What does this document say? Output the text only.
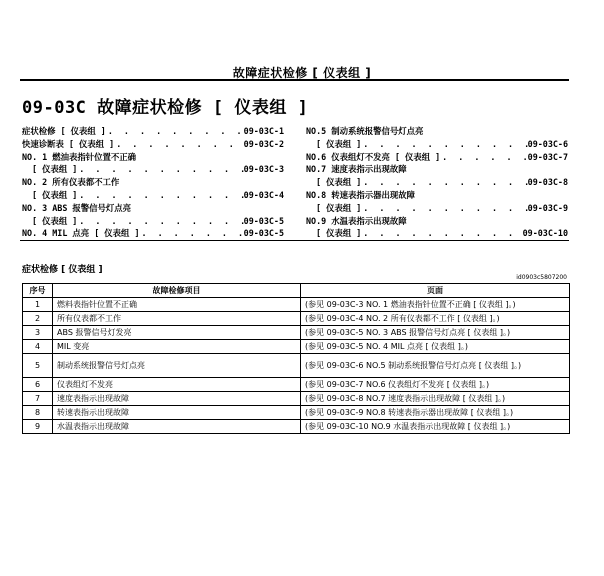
故障症状检修 [ 仪表组 ]
09-03C 故障症状检修 [ 仪表组 ]
症状检修 [ 仪表组 ] . . .	09-03C-1
快速诊断表 [ 仪表组 ] . . .	09-03C-2
NO. 1 燃油表指针位置不正确
[ 仪表组 ] . . .	09-03C-3
NO. 2 所有仪表都不工作
[ 仪表组 ] . . .	09-03C-4
NO. 3 ABS 报警信号灯点亮
[ 仪表组 ] . . .	09-03C-5
NO. 4 MIL 点亮 [ 仪表组 ] . . .	09-03C-5
NO.5 制动系统报警信号灯点亮
[ 仪表组 ] . . .	09-03C-6
NO.6 仪表组灯不发亮 [ 仪表组 ] . . .	09-03C-7
NO.7 速度表指示出现故障
[ 仪表组 ] . . .	09-03C-8
NO.8 转速表指示器出现故障
[ 仪表组 ] . . .	09-03C-9
NO.9 水温表指示出现故障
[ 仪表组 ] . . .	09-03C-10
症状检修 [ 仪表组 ]
id0903c5807200
序号	故障检修项目	页面
1	燃料表指针位置不正确	(参见 09-03C-3 NO. 1 燃油表指针位置不正确 [ 仪表组 ]。)
2	所有仪表都不工作	(参见 09-03C-4 NO. 2 所有仪表都不工作 [ 仪表组 ]。)
3	ABS 报警信号灯发亮	(参见 09-03C-5 NO. 3 ABS 报警信号灯点亮 [ 仪表组 ]。)
4	MIL 变亮	(参见 09-03C-5 NO. 4 MIL 点亮 [ 仪表组 ]。)
5	制动系统报警信号灯点亮	(参见 09-03C-6 NO.5 制动系统报警信号灯点亮 [ 仪表组 ]。)
6	仪表组灯不发亮	(参见 09-03C-7 NO.6 仪表组灯不发亮 [ 仪表组 ]。)
7	速度表指示出现故障	(参见 09-03C-8 NO.7 速度表指示出现故障 [ 仪表组 ]。)
8	转速表指示出现故障	(参见 09-03C-9 NO.8 转速表指示器出现故障 [ 仪表组 ]。)
9	水温表指示出现故障	(参见 09-03C-10 NO.9 水温表指示出现故障 [ 仪表组 ]。)
